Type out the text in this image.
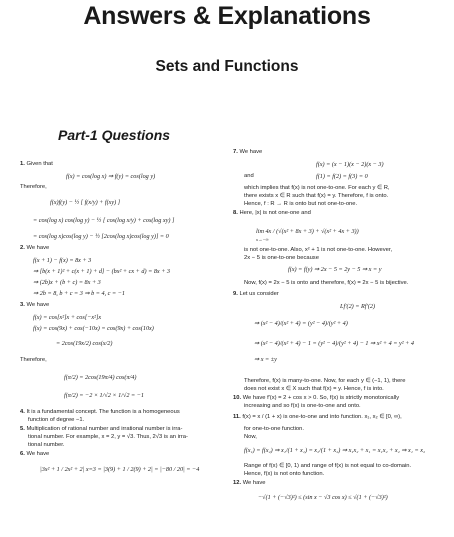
Answers & Explanations
Sets and Functions
Part-1 Questions
1. Given that
f(x) = cos(log x) ⇒ f(y) = cos(log y)
Therefore,
f(x)f(y) − ½ [ f(x/y) + f(xy) ]
= cos(log x) cos(log y) − ½ [ cos(log x/y) + cos(log xy) ]
= cos(log x)cos(log y) − ½ [2cos(log x)cos(log y)] = 0
2. We have
f(x + 1) − f(x) = 8x + 3
⇒ [b(x + 1)² + c(x + 1) + d] − (bx² + cx + d) = 8x + 3
⇒ (2b)x + (b + c) = 8x + 3
⇒ 2b = 8, b + c = 3 ⇒ b = 4, c = −1
3. We have
f(x) = cos[x²]x + cos[−x²]x
f(x) = cos(9x) + cos(−10x) = cos(9x) + cos(10x)
= 2cos(19x/2) cos(x/2)
Therefore,
f(π/2) = 2cos(19π/4) cos(π/4)
f(π/2) = −2 × 1/√2 × 1/√2 = −1
4. It is a fundamental concept. The function is a homogeneous
function of degree −1.
5. Multiplication of rational number and irrational number is irra-
tional number. For example, x = 2, y = √3. Thus, 2√3 is an irra-
tional number.
6. We have
|3x² + 1 / 2x² + 2| x=3 = |3(9) + 1 / 2(9) + 2| = |−80 / 20| = −4
7. We have
f(x) = (x − 1)(x − 2)(x − 3)
and	f(1) = f(2) = f(3) = 0
which implies that f(x) is not one-to-one. For each y ∈ R,
there exists x ∈ R such that f(x) = y. Therefore, f is onto.
Hence, f : R → R is onto but not one-to-one.
8. Here, |x| is not one-one and
lim 4x / (√(x² + 8x + 3) + √(x² + 4x + 3))
x→−∞
is not one-to-one. Also, x² + 1 is not one-to-one. However,
2x − 5 is one-to-one because
f(x) = f(y) ⇒ 2x − 5 = 2y − 5 ⇒ x = y
Now, f(x) = 2x − 5 is onto and therefore, f(x) = 2x − 5 is bijective.
9. Let us consider
Lf′(2) = Rf′(2)
⇒ (x² − 4)/(x² + 4) = (y² − 4)/(y² + 4)
⇒ (x² − 4)/(x² + 4) − 1 = (y² − 4)/(y² + 4) − 1 ⇒ x² + 4 = y² + 4
⇒ x = ±y
Therefore, f(x) is many-to-one. Now, for each y ∈ (−1, 1), there
does not exist x ∈ X such that f(x) = y. Hence, f is into.
10. We have f′(x) = 2 + cos x > 0. So, f(x) is strictly monotonically
increasing and so f(x) is one-to-one and onto.
11. f(x) = x / (1 + x) is one-to-one and into function. x₁, x₂ ∈ [0, ∞),
for one-to-one function.
Now,
f(x₁) = f(x₂) ⇒ x₁/(1 + x₁) = x₂/(1 + x₂) ⇒ x₁x₂ + x₁ = x₁x₂ + x₂ ⇒ x₁ = x₂
Range of f(x) ∈ [0, 1) and range of f(x) is not equal to co-domain.
Hence, f(x) is not onto function.
12. We have
−√(1 + (−√3)²) ≤ (sin x − √3 cos x) ≤ √(1 + (−√3)²)
